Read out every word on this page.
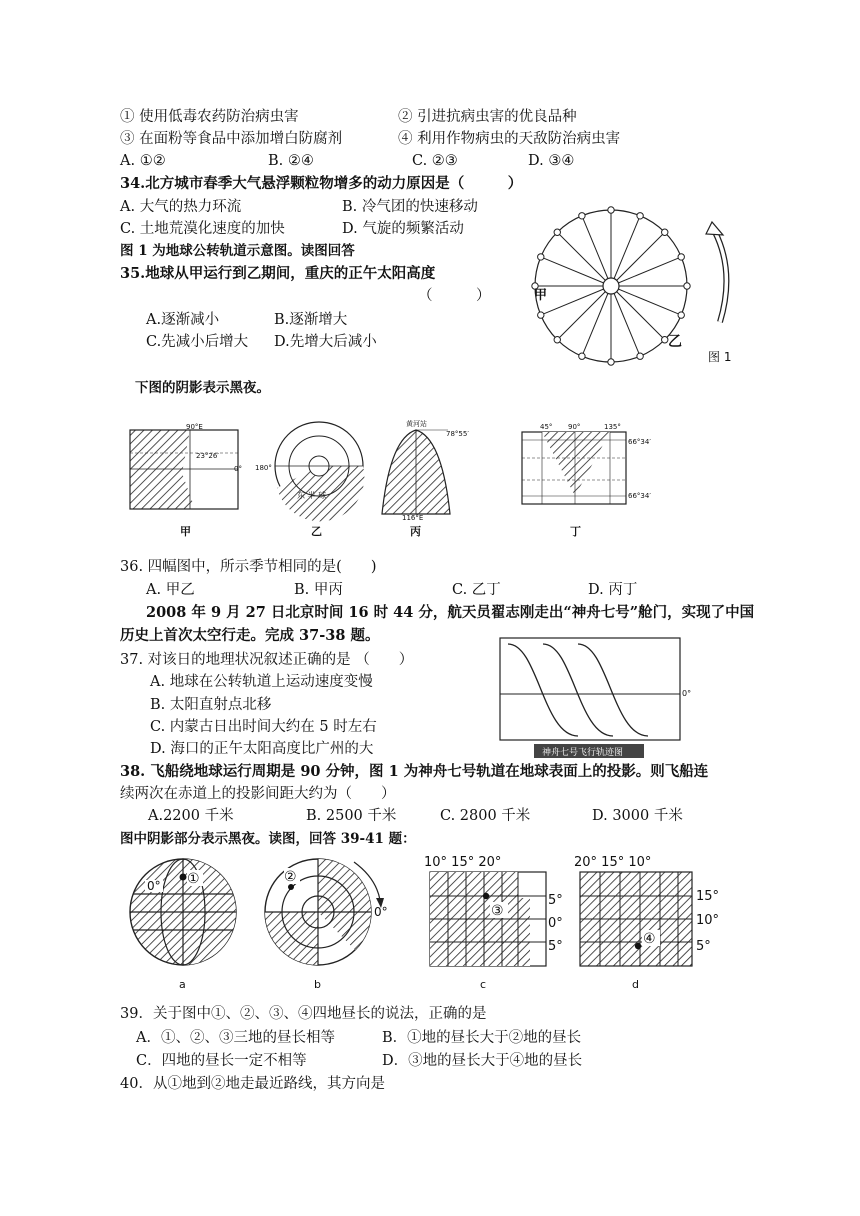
① 使用低毒农药防治病虫害	② 引进抗病虫害的优良品种
③ 在面粉等食品中添加增白防腐剂	④ 利用作物病虫的天敌防治病虫害
A. ①②	B. ②④	C. ②③	D. ③④
34.北方城市春季大气悬浮颗粒物增多的动力原因是（　　　）
A. 大气的热力环流	B. 冷气团的快速移动
C. 土地荒漠化速度的加快	D. 气旋的频繁活动
图 1 为地球公转轨道示意图。读图回答
35.地球从甲运行到乙期间，重庆的正午太阳高度
（　　　）
A.逐渐减小	B.逐渐增大
C.先减小后增大 D.先增大后减小
甲
乙
图 1
下图的阴影表示黑夜。
90°E
23°26′
0°
甲
180°
东 半 球
乙
黄河站
78°55′
116°E
丙
45° 90°	135°
66°34′
66°34′
丁
36. 四幅图中，所示季节相同的是(　　)
A. 甲乙	B. 甲丙	C. 乙丁	D. 丙丁
2008 年 9 月 27 日北京时间 16 时 44 分，航天员翟志刚走出“神舟七号”舱门，实现了中国
历史上首次太空行走。完成 37-38 题。
37. 对该日的地理状况叙述正确的是 （　　）
A. 地球在公转轨道上运动速度变慢
B. 太阳直射点北移
C. 内蒙古日出时间大约在 5 时左右
D. 海口的正午太阳高度比广州的大
0°
神舟七号飞行轨迹图
38. 飞船绕地球运行周期是 90 分钟，图 1 为神舟七号轨道在地球表面上的投影。则飞船连
续两次在赤道上的投影间距大约为（　　）
A.2200 千米	B. 2500 千米	C. 2800 千米	D. 3000 千米
图中阴影部分表示黑夜。读图，回答 39-41 题：
0° ①
a
②
0°
b
10° 15° 20°
③
5°
0°
5°
c
20° 15° 10°
④
15°
10°
5°
d
39．关于图中①、②、③、④四地昼长的说法，正确的是
A．①、②、③三地的昼长相等	B．①地的昼长大于②地的昼长
C．四地的昼长一定不相等	D．③地的昼长大于④地的昼长
40．从①地到②地走最近路线，其方向是
